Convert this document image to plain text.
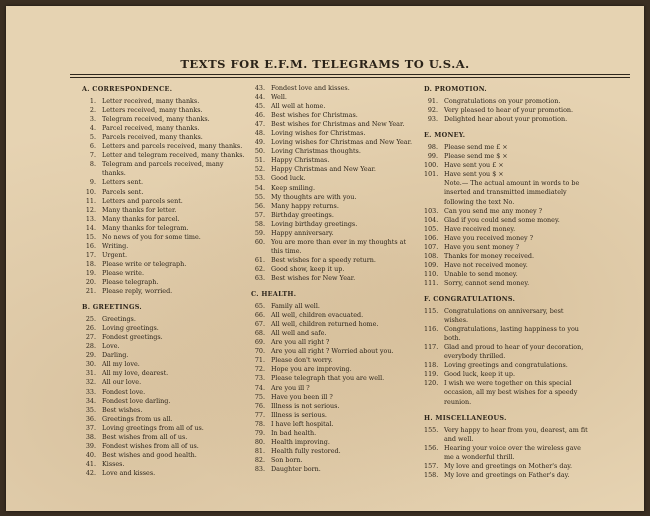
TEXTS FOR E.F.M. TELEGRAMS TO U.S.A.
A. CORRESPONDENCE.
1. Letter received, many thanks.
2. Letters received, many thanks.
3. Telegram received, many thanks.
4. Parcel received, many thanks.
5. Parcels received, many thanks.
6. Letters and parcels received, many thanks.
7. Letter and telegram received, many thanks.
8. Telegram and parcels received, many thanks.
9. Letters sent.
10. Parcels sent.
11. Letters and parcels sent.
12. Many thanks for letter.
13. Many thanks for parcel.
14. Many thanks for telegram.
15. No news of you for some time.
16. Writing.
17. Urgent.
18. Please write or telegraph.
19. Please write.
20. Please telegraph.
21. Please reply, worried.
B. GREETINGS.
25. Greetings.
26. Loving greetings.
27. Fondest greetings.
28. Love.
29. Darling.
30. All my love.
31. All my love, dearest.
32. All our love.
33. Fondest love.
34. Fondest love darling.
35. Best wishes.
36. Greetings from us all.
37. Loving greetings from all of us.
38. Best wishes from all of us.
39. Fondest wishes from all of us.
40. Best wishes and good health.
41. Kisses.
42. Love and kisses.
43. Fondest love and kisses.
44. Well.
45. All well at home.
46. Best wishes for Christmas.
47. Best wishes for Christmas and New Year.
48. Loving wishes for Christmas.
49. Loving wishes for Christmas and New Year.
50. Loving Christmas thoughts.
51. Happy Christmas.
52. Happy Christmas and New Year.
53. Good luck.
54. Keep smiling.
55. My thoughts are with you.
56. Many happy returns.
57. Birthday greetings.
58. Loving birthday greetings.
59. Happy anniversary.
60. You are more than ever in my thoughts at this time.
61. Best wishes for a speedy return.
62. Good show, keep it up.
63. Best wishes for New Year.
C. HEALTH.
65. Family all well.
66. All well, children evacuated.
67. All well, children returned home.
68. All well and safe.
69. Are you all right ?
70. Are you all right ? Worried about you.
71. Please don't worry.
72. Hope you are improving.
73. Please telegraph that you are well.
74. Are you ill ?
75. Have you been ill ?
76. Illness is not serious.
77. Illness is serious.
78. I have left hospital.
79. In bad health.
80. Health improving.
81. Health fully restored.
82. Son born.
83. Daughter born.
D. PROMOTION.
91. Congratulations on your promotion.
92. Very pleased to hear of your promotion.
93. Delighted hear about your promotion.
E. MONEY.
98. Please send me £ ×
99. Please send me $ ×
100. Have sent you £ ×
101. Have sent you $ ×
Note.— The actual amount in words to be inserted and transmitted immediately following the text No.
103. Can you send me any money ?
104. Glad if you could send some money.
105. Have received money.
106. Have you received money ?
107. Have you sent money ?
108. Thanks for money received.
109. Have not received money.
110. Unable to send money.
111. Sorry, cannot send money.
F. CONGRATULATIONS.
115. Congratulations on anniversary, best wishes.
116. Congratulations, lasting happiness to you both.
117. Glad and proud to hear of your decoration, everybody thrilled.
118. Loving greetings and congratulations.
119. Good luck, keep it up.
120. I wish we were together on this special occasion, all my best wishes for a speedy reunion.
H. MISCELLANEOUS.
155. Very happy to hear from you, dearest, am fit and well.
156. Hearing your voice over the wireless gave me a wonderful thrill.
157. My love and greetings on Mother's day.
158. My love and greetings on Father's day.
